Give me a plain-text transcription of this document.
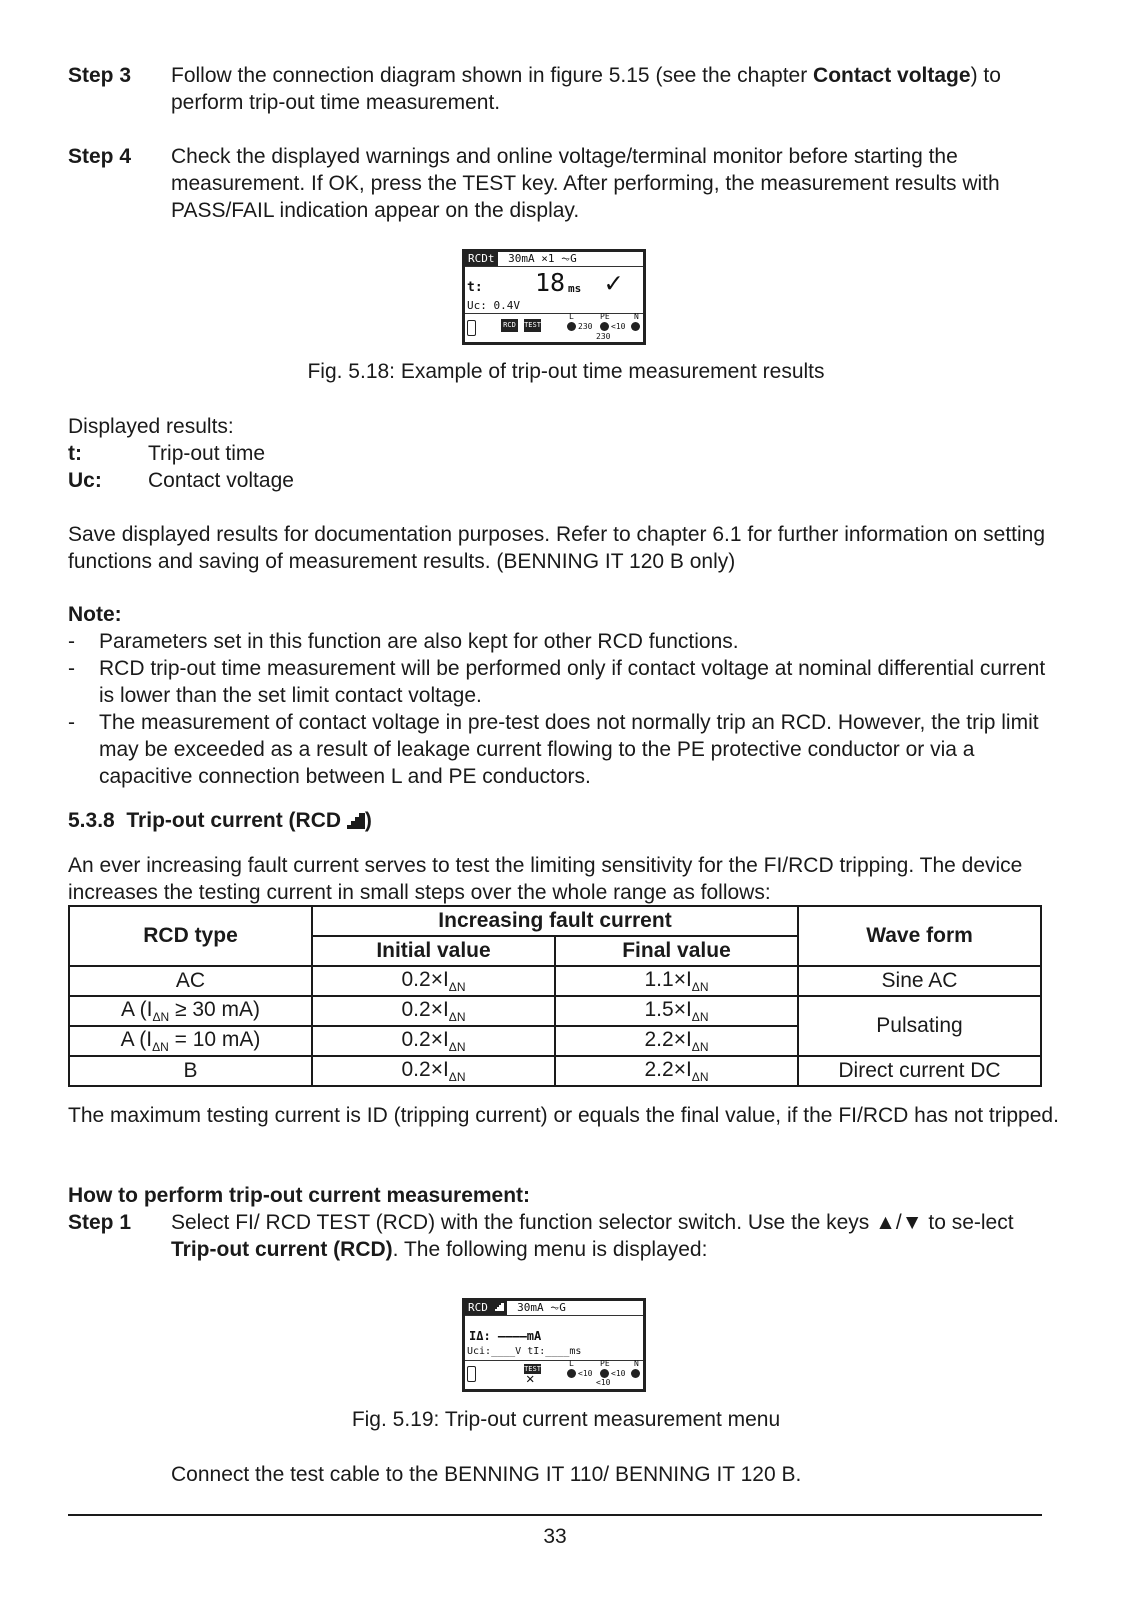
Step 3 Follow the connection diagram shown in figure 5.15 (see the chapter Contact voltage) to perform trip-out time measurement.
Step 4 Check the displayed warnings and online voltage/terminal monitor before starting the measurement. If OK, press the TEST key. After performing, the measurement results with PASS/FAIL indication appear on the display.
RCDt 30mA ×1 ⏦G
t: 18 ms ✓
Uc: 0.4V
RCD	TEST
L	PE	N
230 <10
230
Fig. 5.18: Example of trip-out time measurement results
Displayed results:
t:	Trip-out time
Uc: Contact voltage
Save displayed results for documentation purposes. Refer to chapter 6.1 for further information on setting functions and saving of measurement results. (BENNING IT 120 B only)
Note:
- Parameters set in this function are also kept for other RCD functions.
- RCD trip-out time measurement will be performed only if contact voltage at nominal differential current is lower than the set limit contact voltage.
- The measurement of contact voltage in pre-test does not normally trip an RCD. However, the trip limit may be exceeded as a result of leakage current flowing to the PE protective conductor or via a capacitive connection between L and PE conductors.
5.3.8 Trip-out current (RCD )
An ever increasing fault current serves to test the limiting sensitivity for the FI/RCD tripping. The device increases the testing current in small steps over the whole range as follows:
RCD type	Increasing fault current		Wave form
	Initial value	Final value	
AC	$0.2\times I_{\Delta N}$	$1.1\times I_{\Delta N}$	Sine AC
A ($I_{\Delta N} \ge 30$ mA)	$0.2\times I_{\Delta N}$	$1.5\times I_{\Delta N}$	Pulsating
A ($I_{\Delta N} = 10$ mA)	$0.2\times I_{\Delta N}$	$2.2\times I_{\Delta N}$
B	$0.2\times I_{\Delta N}$	$2.2\times I_{\Delta N}$	Direct current DC
The maximum testing current is ID (tripping current) or equals the final value, if the FI/RCD has not tripped.
How to perform trip-out current measurement:
Step 1 Select FI/ RCD TEST (RCD) with the function selector switch. Use the keys ▲/▼ to se-lect Trip-out current (RCD). The following menu is displayed:
RCD	30mA ⏦G
IΔ: ————mA
Uci:____V tI:____ms
TEST
✕
L	PE	N
<10 <10
<10
Fig. 5.19: Trip-out current measurement menu
Connect the test cable to the BENNING IT 110/ BENNING IT 120 B.
33
